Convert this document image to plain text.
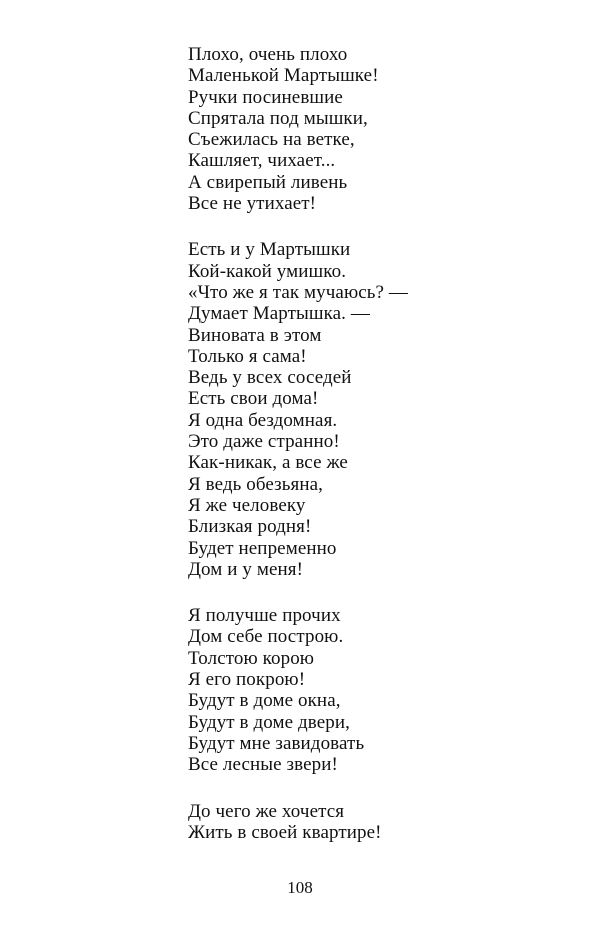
Плохо, очень плохо
Маленькой Мартышке!
Ручки посиневшие
Спрятала под мышки,
Съежилась на ветке,
Кашляет, чихает...
А свирепый ливень
Все не утихает!
Есть и у Мартышки
Кой-какой умишко.
«Что же я так мучаюсь? —
Думает Мартышка. —
Виновата в этом
Только я сама!
Ведь у всех соседей
Есть свои дома!
Я одна бездомная.
Это даже странно!
Как-никак, а все же
Я ведь обезьяна,
Я же человеку
Близкая родня!
Будет непременно
Дом и у меня!
Я получше прочих
Дом себе построю.
Толстою корою
Я его покрою!
Будут в доме окна,
Будут в доме двери,
Будут мне завидовать
Все лесные звери!
До чего же хочется
Жить в своей квартире!
108
